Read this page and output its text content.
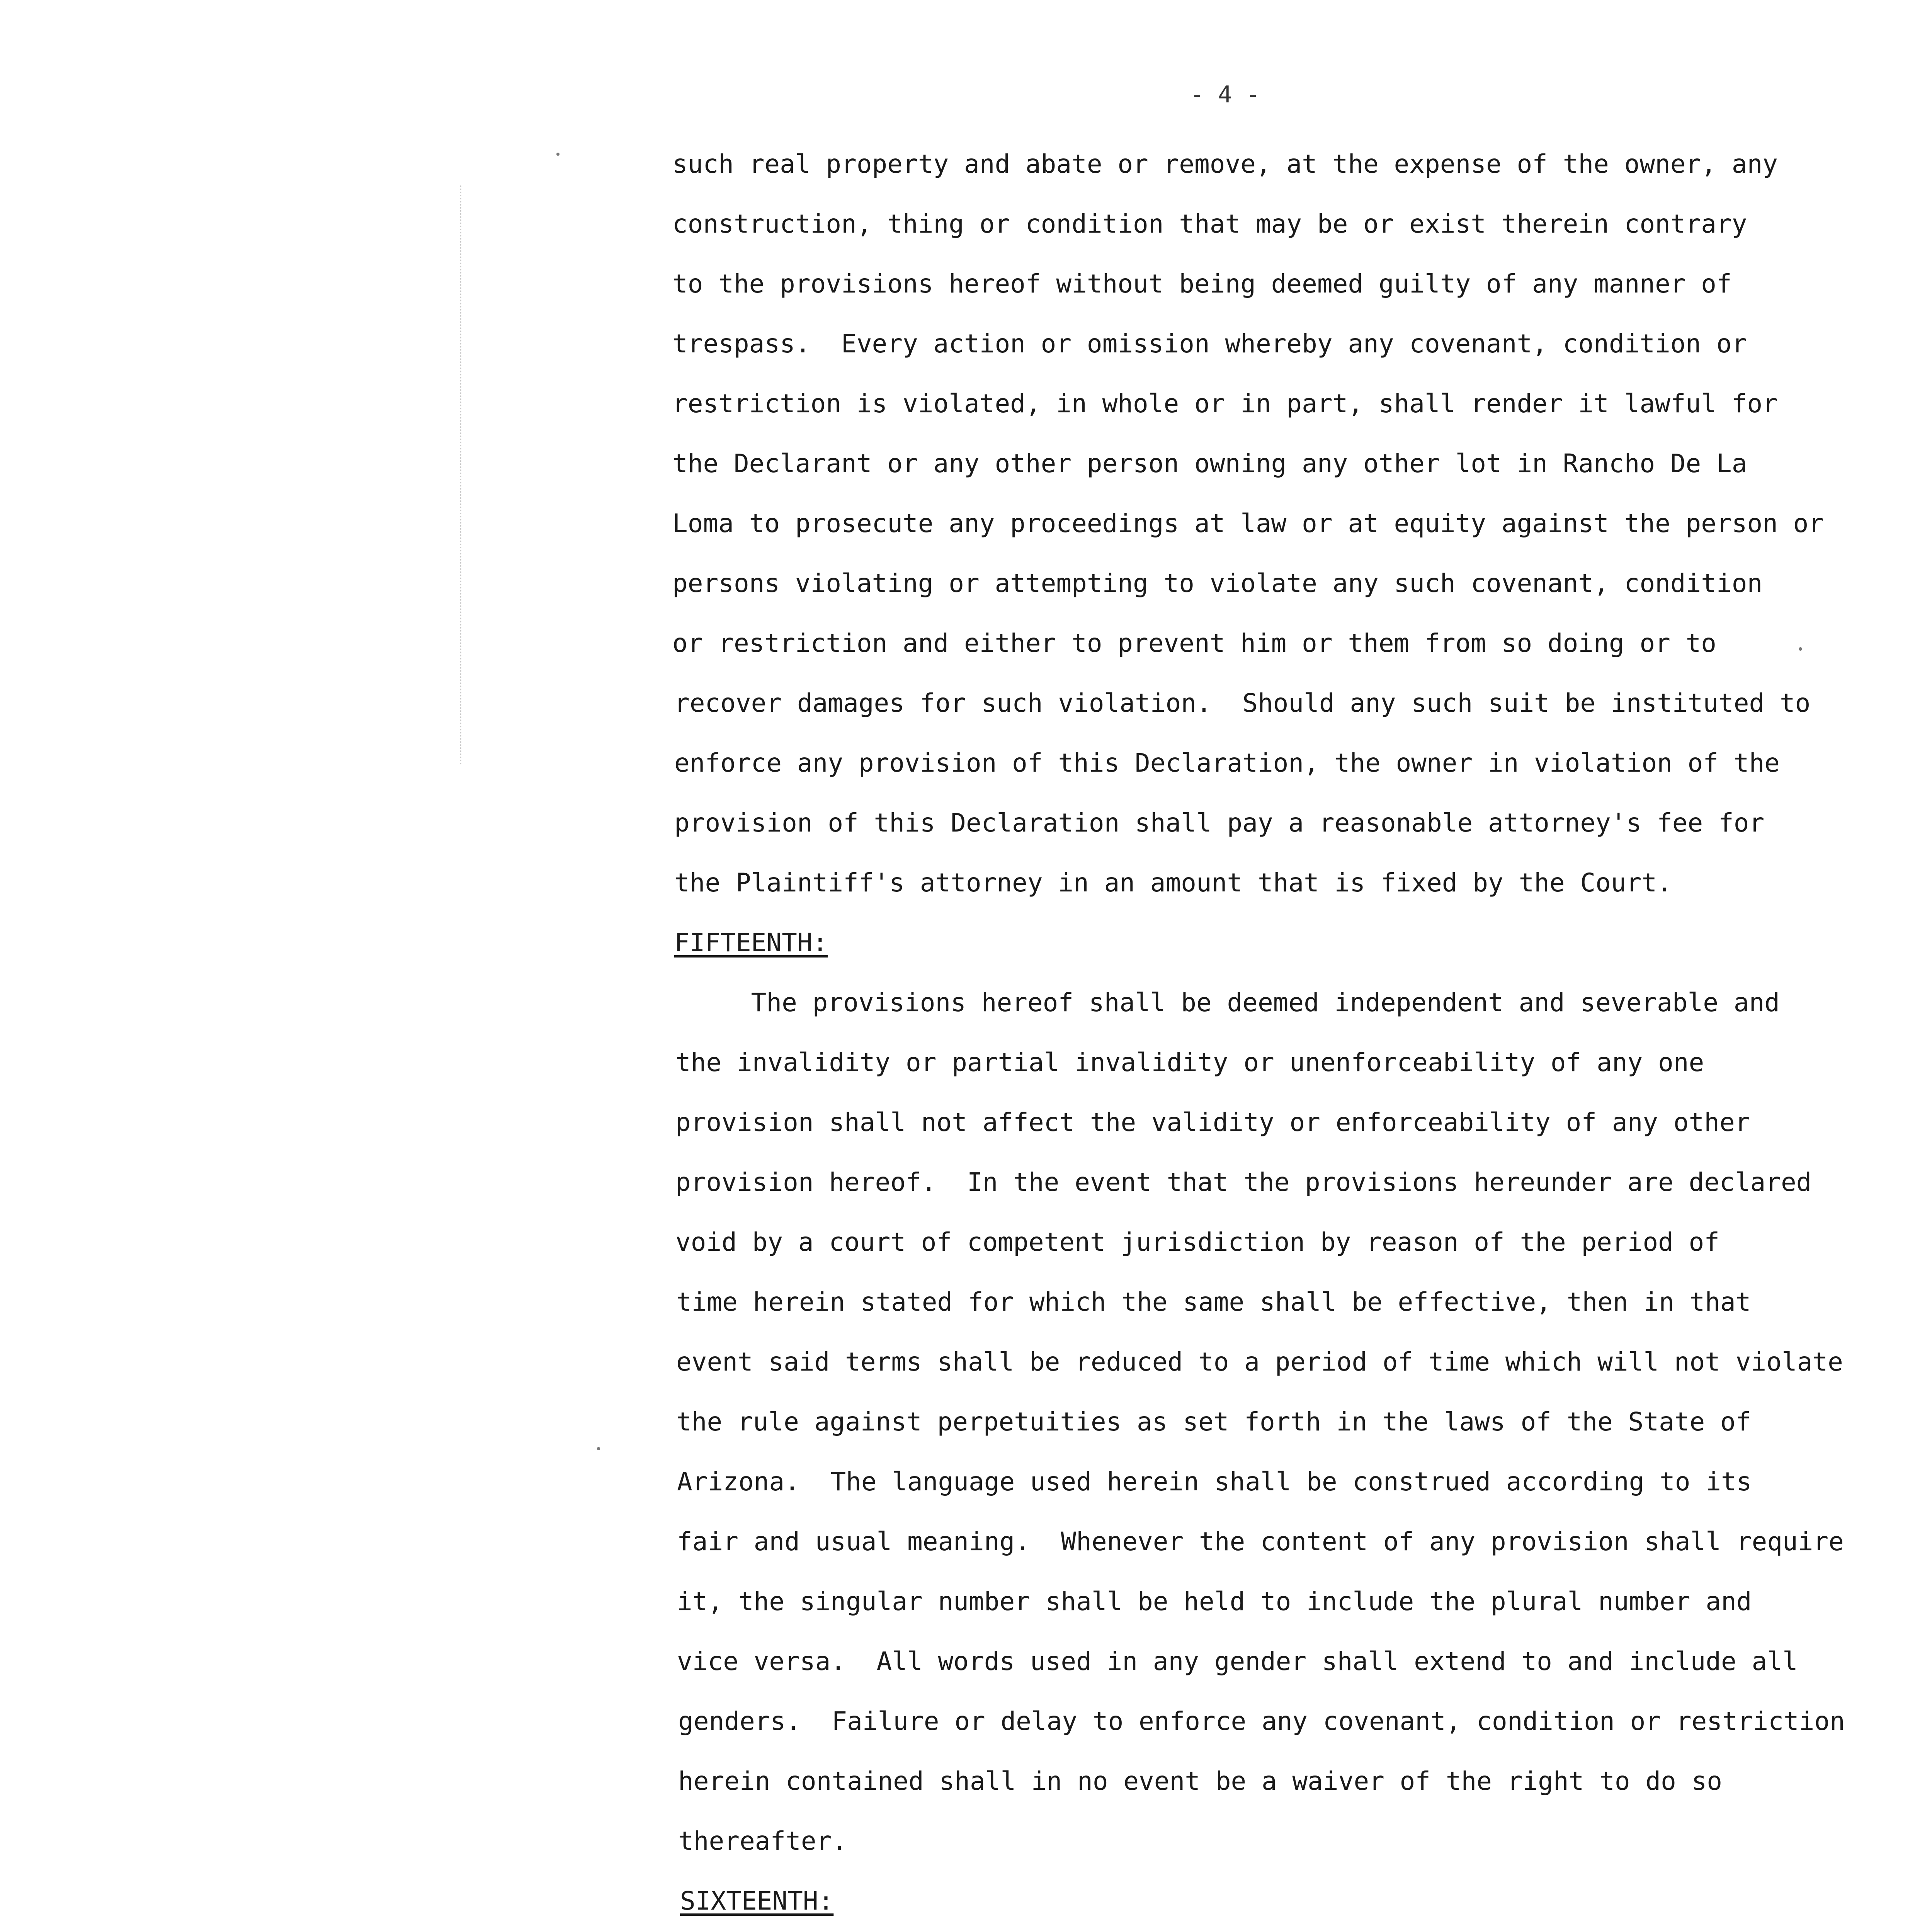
- 4 -
such real property and abate or remove, at the expense of the owner, any
construction, thing or condition that may be or exist therein contrary
to the provisions hereof without being deemed guilty of any manner of
trespass.  Every action or omission whereby any covenant, condition or
restriction is violated, in whole or in part, shall render it lawful for
the Declarant or any other person owning any other lot in Rancho De La
Loma to prosecute any proceedings at law or at equity against the person or
persons violating or attempting to violate any such covenant, condition
or restriction and either to prevent him or them from so doing or to
recover damages for such violation.  Should any such suit be instituted to
enforce any provision of this Declaration, the owner in violation of the
provision of this Declaration shall pay a reasonable attorney's fee for
the Plaintiff's attorney in an amount that is fixed by the Court.
FIFTEENTH:
The provisions hereof shall be deemed independent and severable and
the invalidity or partial invalidity or unenforceability of any one
provision shall not affect the validity or enforceability of any other
provision hereof.  In the event that the provisions hereunder are declared
void by a court of competent jurisdiction by reason of the period of
time herein stated for which the same shall be effective, then in that
event said terms shall be reduced to a period of time which will not violate
the rule against perpetuities as set forth in the laws of the State of
Arizona.  The language used herein shall be construed according to its
fair and usual meaning.  Whenever the content of any provision shall require
it, the singular number shall be held to include the plural number and
vice versa.  All words used in any gender shall extend to and include all
genders.  Failure or delay to enforce any covenant, condition or restriction
herein contained shall in no event be a waiver of the right to do so
thereafter.
SIXTEENTH:
